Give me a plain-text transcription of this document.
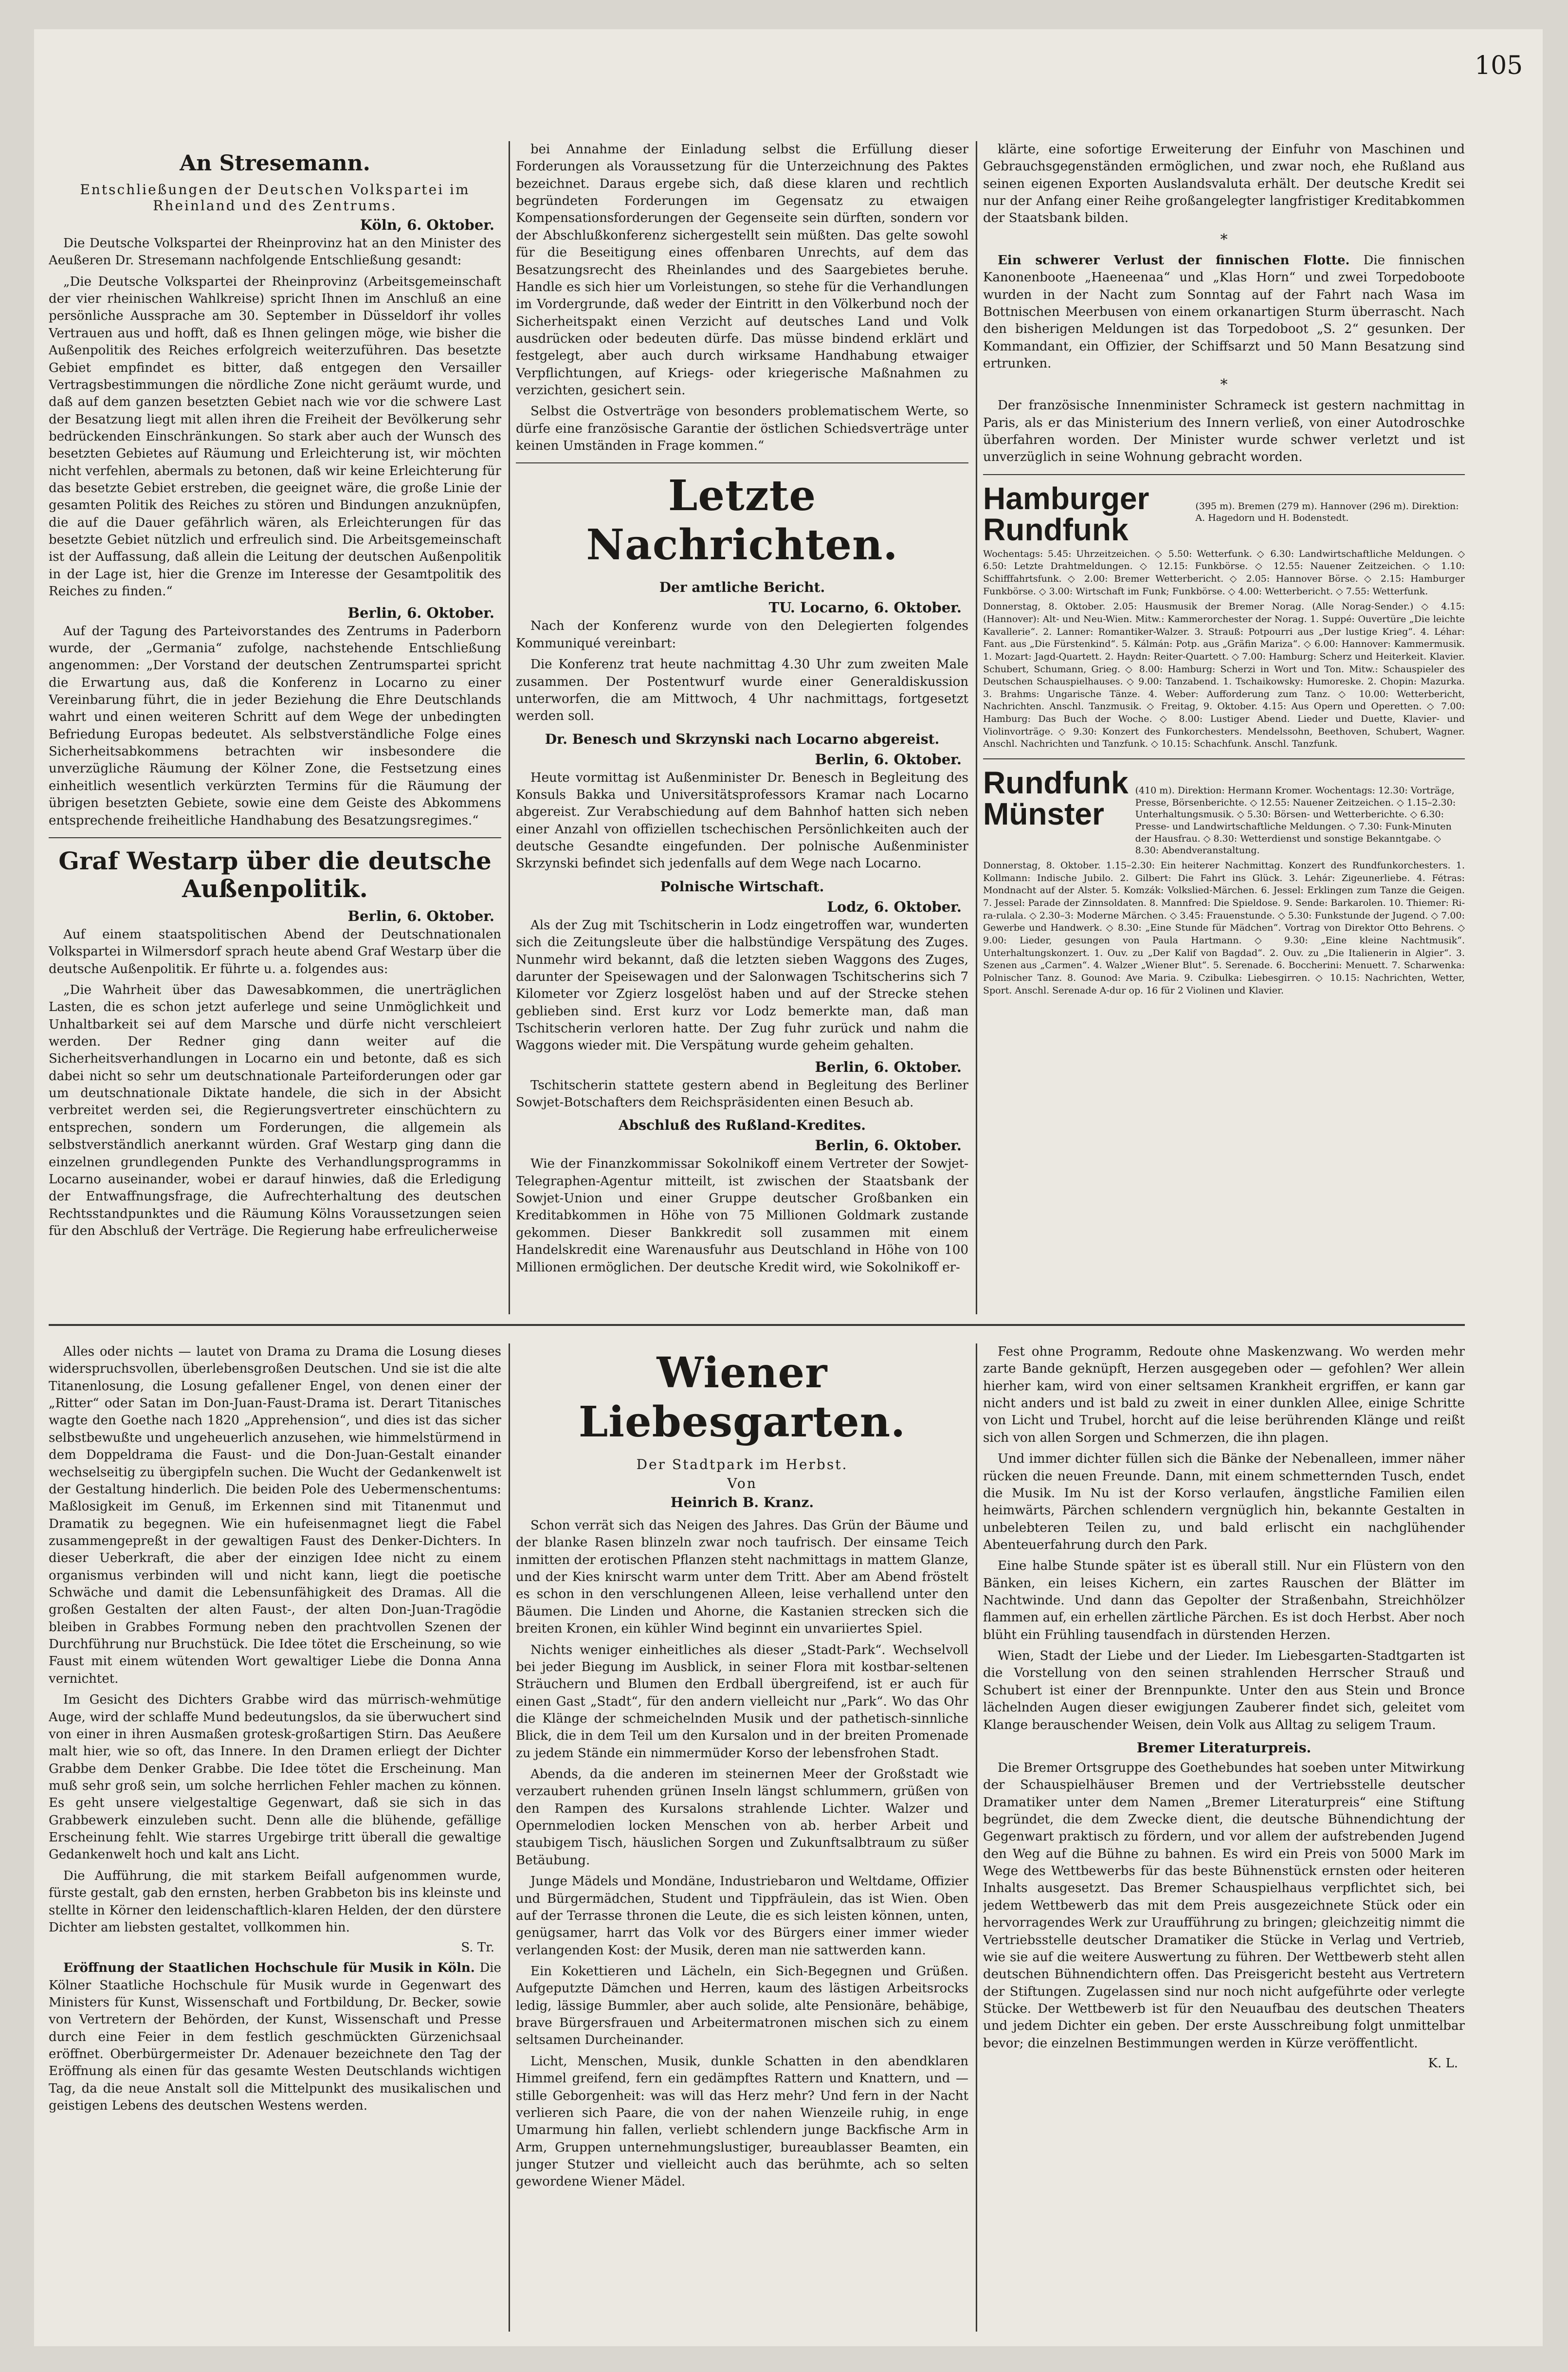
105
An Stresemann.
Entschließungen der Deutschen Volkspartei im Rheinland und des Zentrums.
Köln, 6. Oktober.

Die Deutsche Volkspartei der Rheinprovinz hat an den Minister des Aeußeren Dr. Stresemann nachfolgende Entschließung gesandt:

„Die Deutsche Volkspartei der Rheinprovinz (Arbeitsgemeinschaft der vier rheinischen Wahlkreise) spricht Ihnen im Anschluß an eine persönliche Aussprache am 30. September in Düsseldorf ihr volles Vertrauen aus und hofft, daß es Ihnen gelingen möge, wie bisher die Außenpolitik des Reiches erfolgreich weiterzuführen. Das besetzte Gebiet empfindet es bitter, daß entgegen den Versailler Vertragsbestimmungen die nördliche Zone nicht geräumt wurde, und daß auf dem ganzen besetzten Gebiet nach wie vor die schwere Last der Besatzung liegt mit allen ihren die Freiheit der Bevölkerung sehr bedrückenden Einschränkungen. So stark aber auch der Wunsch des besetzten Gebietes auf Räumung und Erleichterung ist, wir möchten nicht verfehlen, abermals zu betonen, daß wir keine Erleichterung für das besetzte Gebiet erstreben, die geeignet wäre, die große Linie der gesamten Politik des Reiches zu stören und Bindungen anzuknüpfen, die auf die Dauer gefährlich wären, als Erleichterungen für das besetzte Gebiet nützlich und erfreulich sind. Die Arbeitsgemeinschaft ist der Auffassung, daß allein die Leitung der deutschen Außenpolitik in der Lage ist, hier die Grenze im Interesse der Gesamtpolitik des Reiches zu finden.“

Berlin, 6. Oktober.

Auf der Tagung des Parteivorstandes des Zentrums in Paderborn wurde, der „Germania“ zufolge, nachstehende Entschließung angenommen: „Der Vorstand der deutschen Zentrumspartei spricht die Erwartung aus, daß die Konferenz in Locarno zu einer Vereinbarung führt, die in jeder Beziehung die Ehre Deutschlands wahrt und einen weiteren Schritt auf dem Wege der unbedingten Befriedung Europas bedeutet. Als selbstverständliche Folge eines Sicherheitsabkommens betrachten wir insbesondere die unverzügliche Räumung der Kölner Zone, die Festsetzung eines einheitlich wesentlich verkürzten Termins für die Räumung der übrigen besetzten Gebiete, sowie eine dem Geiste des Abkommens entsprechende freiheitliche Handhabung des Besatzungsregimes.“

Graf Westarp über die deutsche Außenpolitik.
Berlin, 6. Oktober.

Auf einem staatspolitischen Abend der Deutschnationalen Volkspartei in Wilmersdorf sprach heute abend Graf Westarp über die deutsche Außenpolitik. Er führte u. a. folgendes aus:

„Die Wahrheit über das Dawesabkommen, die unerträglichen Lasten, die es schon jetzt auferlege und seine Unmöglichkeit und Unhaltbarkeit sei auf dem Marsche und dürfe nicht verschleiert werden. Der Redner ging dann weiter auf die Sicherheitsverhandlungen in Locarno ein und betonte, daß es sich dabei nicht so sehr um deutschnationale Parteiforderungen oder gar um deutschnationale Diktate handele, die sich in der Absicht verbreitet werden sei, die Regierungsvertreter einschüchtern zu entsprechen, sondern um Forderungen, die allgemein als selbstverständlich anerkannt würden. Graf Westarp ging dann die einzelnen grundlegenden Punkte des Verhandlungsprogramms in Locarno auseinander, wobei er darauf hinwies, daß die Erledigung der Entwaffnungsfrage, die Aufrechterhaltung des deutschen Rechtsstandpunktes und die Räumung Kölns Voraussetzungen seien für den Abschluß der Verträge. Die Regierung habe erfreulicherweise

bei Annahme der Einladung selbst die Erfüllung dieser Forderungen als Voraussetzung für die Unterzeichnung des Paktes bezeichnet. Daraus ergebe sich, daß diese klaren und rechtlich begründeten Forderungen im Gegensatz zu etwaigen Kompensationsforderungen der Gegenseite sein dürften, sondern vor der Abschlußkonferenz sichergestellt sein müßten. Das gelte sowohl für die Beseitigung eines offenbaren Unrechts, auf dem das Besatzungsrecht des Rheinlandes und des Saargebietes beruhe. Handle es sich hier um Vorleistungen, so stehe für die Verhandlungen im Vordergrunde, daß weder der Eintritt in den Völkerbund noch der Sicherheitspakt einen Verzicht auf deutsches Land und Volk ausdrücken oder bedeuten dürfe. Das müsse bindend erklärt und festgelegt, aber auch durch wirksame Handhabung etwaiger Verpflichtungen, auf Kriegs- oder kriegerische Maßnahmen zu verzichten, gesichert sein.

Selbst die Ostverträge von besonders problematischem Werte, so dürfe eine französische Garantie der östlichen Schiedsverträge unter keinen Umständen in Frage kommen.“

Letzte Nachrichten.
Der amtliche Bericht.
TU. Locarno, 6. Oktober.

Nach der Konferenz wurde von den Delegierten folgendes Kommuniqué vereinbart:

Die Konferenz trat heute nachmittag 4.30 Uhr zum zweiten Male zusammen. Der Postentwurf wurde einer Generaldiskussion unterworfen, die am Mittwoch, 4 Uhr nachmittags, fortgesetzt werden soll.

Dr. Benesch und Skrzynski nach Locarno abgereist.
Berlin, 6. Oktober.

Heute vormittag ist Außenminister Dr. Benesch in Begleitung des Konsuls Bakka und Universitätsprofessors Kramar nach Locarno abgereist. Zur Verabschiedung auf dem Bahnhof hatten sich neben einer Anzahl von offiziellen tschechischen Persönlichkeiten auch der deutsche Gesandte eingefunden. Der polnische Außenminister Skrzynski befindet sich jedenfalls auf dem Wege nach Locarno.

Polnische Wirtschaft.
Lodz, 6. Oktober.

Als der Zug mit Tschitscherin in Lodz eingetroffen war, wunderten sich die Zeitungsleute über die halbstündige Verspätung des Zuges. Nunmehr wird bekannt, daß die letzten sieben Waggons des Zuges, darunter der Speisewagen und der Salonwagen Tschitscherins sich 7 Kilometer vor Zgierz losgelöst haben und auf der Strecke stehen geblieben sind. Erst kurz vor Lodz bemerkte man, daß man Tschitscherin verloren hatte. Der Zug fuhr zurück und nahm die Waggons wieder mit. Die Verspätung wurde geheim gehalten.

Berlin, 6. Oktober.

Tschitscherin stattete gestern abend in Begleitung des Berliner Sowjet-Botschafters dem Reichspräsidenten einen Besuch ab.

Abschluß des Rußland-Kredites.
Berlin, 6. Oktober.

Wie der Finanzkommissar Sokolnikoff einem Vertreter der Sowjet-Telegraphen-Agentur mitteilt, ist zwischen der Staatsbank der Sowjet-Union und einer Gruppe deutscher Großbanken ein Kreditabkommen in Höhe von 75 Millionen Goldmark zustande gekommen. Dieser Bankkredit soll zusammen mit einem Handelskredit eine Warenausfuhr aus Deutschland in Höhe von 100 Millionen ermöglichen. Der deutsche Kredit wird, wie Sokolnikoff er-

klärte, eine sofortige Erweiterung der Einfuhr von Maschinen und Gebrauchsgegenständen ermöglichen, und zwar noch, ehe Rußland aus seinen eigenen Exporten Auslandsvaluta erhält. Der deutsche Kredit sei nur der Anfang einer Reihe großangelegter langfristiger Kreditabkommen der Staatsbank bilden.

*

Ein schwerer Verlust der finnischen Flotte. Die finnischen Kanonenboote „Haeneenaa“ und „Klas Horn“ und zwei Torpedoboote wurden in der Nacht zum Sonntag auf der Fahrt nach Wasa im Bottnischen Meerbusen von einem orkanartigen Sturm überrascht. Nach den bisherigen Meldungen ist das Torpedoboot „S. 2“ gesunken. Der Kommandant, ein Offizier, der Schiffsarzt und 50 Mann Besatzung sind ertrunken.

*

Der französische Innenminister Schrameck ist gestern nachmittag in Paris, als er das Ministerium des Innern verließ, von einer Autodroschke überfahren worden. Der Minister wurde schwer verletzt und ist unverzüglich in seine Wohnung gebracht worden.

Hamburger Rundfunk
(395 m). Bremen (279 m). Hannover (296 m). Direktion: A. Hagedorn und H. Bodenstedt.

Wochentags: 5.45: Uhrzeitzeichen. ◇ 5.50: Wetterfunk. ◇ 6.30: Landwirtschaftliche Meldungen. ◇ 6.50: Letzte Drahtmeldungen. ◇ 12.15: Funkbörse. ◇ 12.55: Nauener Zeitzeichen. ◇ 1.10: Schifffahrtsfunk. ◇ 2.00: Bremer Wetterbericht. ◇ 2.05: Hannover Börse. ◇ 2.15: Hamburger Funkbörse. ◇ 3.00: Wirtschaft im Funk; Funkbörse. ◇ 4.00: Wetterbericht. ◇ 7.55: Wetterfunk.

Donnerstag, 8. Oktober. 2.05: Hausmusik der Bremer Norag. (Alle Norag-Sender.) ◇ 4.15: (Hannover): Alt- und Neu-Wien. Mitw.: Kammerorchester der Norag. 1. Suppé: Ouvertüre „Die leichte Kavallerie“. 2. Lanner: Romantiker-Walzer. 3. Strauß: Potpourri aus „Der lustige Krieg“. 4. Léhar: Fant. aus „Die Fürstenkind“. 5. Kálmán: Potp. aus „Gräfin Mariza“. ◇ 6.00: Hannover: Kammermusik. 1. Mozart: Jagd-Quartett. 2. Haydn: Reiter-Quartett. ◇ 7.00: Hamburg: Scherz und Heiterkeit. Klavier. Schubert, Schumann, Grieg. ◇ 8.00: Hamburg: Scherzi in Wort und Ton. Mitw.: Schauspieler des Deutschen Schauspielhauses. ◇ 9.00: Tanzabend. 1. Tschaikowsky: Humoreske. 2. Chopin: Mazurka. 3. Brahms: Ungarische Tänze. 4. Weber: Aufforderung zum Tanz. ◇ 10.00: Wetterbericht, Nachrichten. Anschl. Tanzmusik. ◇ Freitag, 9. Oktober. 4.15: Aus Opern und Operetten. ◇ 7.00: Hamburg: Das Buch der Woche. ◇ 8.00: Lustiger Abend. Lieder und Duette, Klavier- und Violinvorträge. ◇ 9.30: Konzert des Funkorchesters. Mendelssohn, Beethoven, Schubert, Wagner. Anschl. Nachrichten und Tanzfunk. ◇ 10.15: Schachfunk. Anschl. Tanzfunk.

Rundfunk Münster
(410 m). Direktion: Hermann Kromer. Wochentags: 12.30: Vorträge, Presse, Börsenberichte. ◇ 12.55: Nauener Zeitzeichen. ◇ 1.15–2.30: Unterhaltungsmusik. ◇ 5.30: Börsen- und Wetterberichte. ◇ 6.30: Presse- und Landwirtschaftliche Meldungen. ◇ 7.30: Funk-Minuten der Hausfrau. ◇ 8.30: Wetterdienst und sonstige Bekanntgabe. ◇ 8.30: Abendveranstaltung.

Donnerstag, 8. Oktober. 1.15–2.30: Ein heiterer Nachmittag. Konzert des Rundfunkorchesters. 1. Kollmann: Indische Jubilo. 2. Gilbert: Die Fahrt ins Glück. 3. Lehár: Zigeunerliebe. 4. Fétras: Mondnacht auf der Alster. 5. Komzák: Volkslied-Märchen. 6. Jessel: Erklingen zum Tanze die Geigen. 7. Jessel: Parade der Zinnsoldaten. 8. Mannfred: Die Spieldose. 9. Sende: Barkarolen. 10. Thiemer: Ri-ra-rulala. ◇ 2.30–3: Moderne Märchen. ◇ 3.45: Frauenstunde. ◇ 5.30: Funkstunde der Jugend. ◇ 7.00: Gewerbe und Handwerk. ◇ 8.30: „Eine Stunde für Mädchen“. Vortrag von Direktor Otto Behrens. ◇ 9.00: Lieder, gesungen von Paula Hartmann. ◇ 9.30: „Eine kleine Nachtmusik“. Unterhaltungskonzert. 1. Ouv. zu „Der Kalif von Bagdad“. 2. Ouv. zu „Die Italienerin in Algier“. 3. Szenen aus „Carmen“. 4. Walzer „Wiener Blut“. 5. Serenade. 6. Boccherini: Menuett. 7. Scharwenka: Polnischer Tanz. 8. Gounod: Ave Maria. 9. Czibulka: Liebesgirren. ◇ 10.15: Nachrichten, Wetter, Sport. Anschl. Serenade A-dur op. 16 für 2 Violinen und Klavier.

Alles oder nichts — lautet von Drama zu Drama die Losung dieses widerspruchsvollen, überlebensgroßen Deutschen. Und sie ist die alte Titanenlosung, die Losung gefallener Engel, von denen einer der „Ritter“ oder Satan im Don-Juan-Faust-Drama ist. Derart Titanisches wagte den Goethe nach 1820 „Apprehension“, und dies ist das sicher selbstbewußte und ungeheuerlich anzusehen, wie himmelstürmend in dem Doppeldrama die Faust- und die Don-Juan-Gestalt einander wechselseitig zu übergipfeln suchen. Die Wucht der Gedankenwelt ist der Gestaltung hinderlich. Die beiden Pole des Uebermenschentums: Maßlosigkeit im Genuß, im Erkennen sind mit Titanenmut und Dramatik zu begegnen. Wie ein hufeisenmagnet liegt die Fabel zusammengepreßt in der gewaltigen Faust des Denker-Dichters. In dieser Ueberkraft, die aber der einzigen Idee nicht zu einem organismus verbinden will und nicht kann, liegt die poetische Schwäche und damit die Lebensunfähigkeit des Dramas. All die großen Gestalten der alten Faust-, der alten Don-Juan-Tragödie bleiben in Grabbes Formung neben den prachtvollen Szenen der Durchführung nur Bruchstück. Die Idee tötet die Erscheinung, so wie Faust mit einem wütenden Wort gewaltiger Liebe die Donna Anna vernichtet.

Im Gesicht des Dichters Grabbe wird das mürrisch-wehmütige Auge, wird der schlaffe Mund bedeutungslos, da sie überwuchert sind von einer in ihren Ausmaßen grotesk-großartigen Stirn. Das Aeußere malt hier, wie so oft, das Innere. In den Dramen erliegt der Dichter Grabbe dem Denker Grabbe. Die Idee tötet die Erscheinung. Man muß sehr groß sein, um solche herrlichen Fehler machen zu können. Es geht unsere vielgestaltige Gegenwart, daß sie sich in das Grabbewerk einzuleben sucht. Denn alle die blühende, gefällige Erscheinung fehlt. Wie starres Urgebirge tritt überall die gewaltige Gedankenwelt hoch und kalt ans Licht.

Die Aufführung, die mit starkem Beifall aufgenommen wurde, fürste gestalt, gab den ernsten, herben Grabbeton bis ins kleinste und stellte in Körner den leidenschaftlich-klaren Helden, der den dürstere Dichter am liebsten gestaltet, vollkommen hin.

S. Tr.

Eröffnung der Staatlichen Hochschule für Musik in Köln. Die Kölner Staatliche Hochschule für Musik wurde in Gegenwart des Ministers für Kunst, Wissenschaft und Fortbildung, Dr. Becker, sowie von Vertretern der Behörden, der Kunst, Wissenschaft und Presse durch eine Feier in dem festlich geschmückten Gürzenichsaal eröffnet. Oberbürgermeister Dr. Adenauer bezeichnete den Tag der Eröffnung als einen für das gesamte Westen Deutschlands wichtigen Tag, da die neue Anstalt soll die Mittelpunkt des musikalischen und geistigen Lebens des deutschen Westens werden.

Wiener Liebesgarten.
Der Stadtpark im Herbst.
Von
Heinrich B. Kranz.

Schon verrät sich das Neigen des Jahres. Das Grün der Bäume und der blanke Rasen blinzeln zwar noch taufrisch. Der einsame Teich inmitten der erotischen Pflanzen steht nachmittags in mattem Glanze, und der Kies knirscht warm unter dem Tritt. Aber am Abend fröstelt es schon in den verschlungenen Alleen, leise verhallend unter den Bäumen. Die Linden und Ahorne, die Kastanien strecken sich die breiten Kronen, ein kühler Wind beginnt ein unvariiertes Spiel.

Nichts weniger einheitliches als dieser „Stadt-Park“. Wechselvoll bei jeder Biegung im Ausblick, in seiner Flora mit kostbar-seltenen Sträuchern und Blumen den Erdball übergreifend, ist er auch für einen Gast „Stadt“, für den andern vielleicht nur „Park“. Wo das Ohr die Klänge der schmeichelnden Musik und der pathetisch-sinnliche Blick, die in dem Teil um den Kursalon und in der breiten Promenade zu jedem Stände ein nimmermüder Korso der lebensfrohen Stadt.

Abends, da die anderen im steinernen Meer der Großstadt wie verzaubert ruhenden grünen Inseln längst schlummern, grüßen von den Rampen des Kursalons strahlende Lichter. Walzer und Opernmelodien locken Menschen von ab. herber Arbeit und staubigem Tisch, häuslichen Sorgen und Zukunftsalbtraum zu süßer Betäubung.

Junge Mädels und Mondäne, Industriebaron und Weltdame, Offizier und Bürgermädchen, Student und Tippfräulein, das ist Wien. Oben auf der Terrasse thronen die Leute, die es sich leisten können, unten, genügsamer, harrt das Volk vor des Bürgers einer immer wieder verlangenden Kost: der Musik, deren man nie sattwerden kann.

Ein Kokettieren und Lächeln, ein Sich-Begegnen und Grüßen. Aufgeputzte Dämchen und Herren, kaum des lästigen Arbeitsrocks ledig, lässige Bummler, aber auch solide, alte Pensionäre, behäbige, brave Bürgersfrauen und Arbeitermatronen mischen sich zu einem seltsamen Durcheinander.

Licht, Menschen, Musik, dunkle Schatten in den abendklaren Himmel greifend, fern ein gedämpftes Rattern und Knattern, und — stille Geborgenheit: was will das Herz mehr? Und fern in der Nacht verlieren sich Paare, die von der nahen Wienzeile ruhig, in enge Umarmung hin fallen, verliebt schlendern junge Backfische Arm in Arm, Gruppen unternehmungslustiger, bureaublasser Beamten, ein junger Stutzer und vielleicht auch das berühmte, ach so selten gewordene Wiener Mädel.

Fest ohne Programm, Redoute ohne Maskenzwang. Wo werden mehr zarte Bande geknüpft, Herzen ausgegeben oder — gefohlen? Wer allein hierher kam, wird von einer seltsamen Krankheit ergriffen, er kann gar nicht anders und ist bald zu zweit in einer dunklen Allee, einige Schritte von Licht und Trubel, horcht auf die leise berührenden Klänge und reißt sich von allen Sorgen und Schmerzen, die ihn plagen.

Und immer dichter füllen sich die Bänke der Nebenalleen, immer näher rücken die neuen Freunde. Dann, mit einem schmetternden Tusch, endet die Musik. Im Nu ist der Korso verlaufen, ängstliche Familien eilen heimwärts, Pärchen schlendern vergnüglich hin, bekannte Gestalten in unbelebteren Teilen zu, und bald erlischt ein nachglühender Abenteuerfahrung durch den Park.

Eine halbe Stunde später ist es überall still. Nur ein Flüstern von den Bänken, ein leises Kichern, ein zartes Rauschen der Blätter im Nachtwinde. Und dann das Gepolter der Straßenbahn, Streichhölzer flammen auf, ein erhellen zärtliche Pärchen. Es ist doch Herbst. Aber noch blüht ein Frühling tausendfach in dürstenden Herzen.

Wien, Stadt der Liebe und der Lieder. Im Liebesgarten-Stadtgarten ist die Vorstellung von den seinen strahlenden Herrscher Strauß und Schubert ist einer der Brennpunkte. Unter den aus Stein und Bronce lächelnden Augen dieser ewigjungen Zauberer findet sich, geleitet vom Klange berauschender Weisen, dein Volk aus Alltag zu seligem Traum.

Bremer Literaturpreis.

Die Bremer Ortsgruppe des Goethebundes hat soeben unter Mitwirkung der Schauspielhäuser Bremen und der Vertriebsstelle deutscher Dramatiker unter dem Namen „Bremer Literaturpreis“ eine Stiftung begründet, die dem Zwecke dient, die deutsche Bühnendichtung der Gegenwart praktisch zu fördern, und vor allem der aufstrebenden Jugend den Weg auf die Bühne zu bahnen. Es wird ein Preis von 5000 Mark im Wege des Wettbewerbs für das beste Bühnenstück ernsten oder heiteren Inhalts ausgesetzt. Das Bremer Schauspielhaus verpflichtet sich, bei jedem Wettbewerb das mit dem Preis ausgezeichnete Stück oder ein hervorragendes Werk zur Uraufführung zu bringen; gleichzeitig nimmt die Vertriebsstelle deutscher Dramatiker die Stücke in Verlag und Vertrieb, wie sie auf die weitere Auswertung zu führen. Der Wettbewerb steht allen deutschen Bühnendichtern offen. Das Preisgericht besteht aus Vertretern der Stiftungen. Zugelassen sind nur noch nicht aufgeführte oder verlegte Stücke. Der Wettbewerb ist für den Neuaufbau des deutschen Theaters und jedem Dichter ein geben. Der erste Ausschreibung folgt unmittelbar bevor; die einzelnen Bestimmungen werden in Kürze veröffentlicht.

K. L.
